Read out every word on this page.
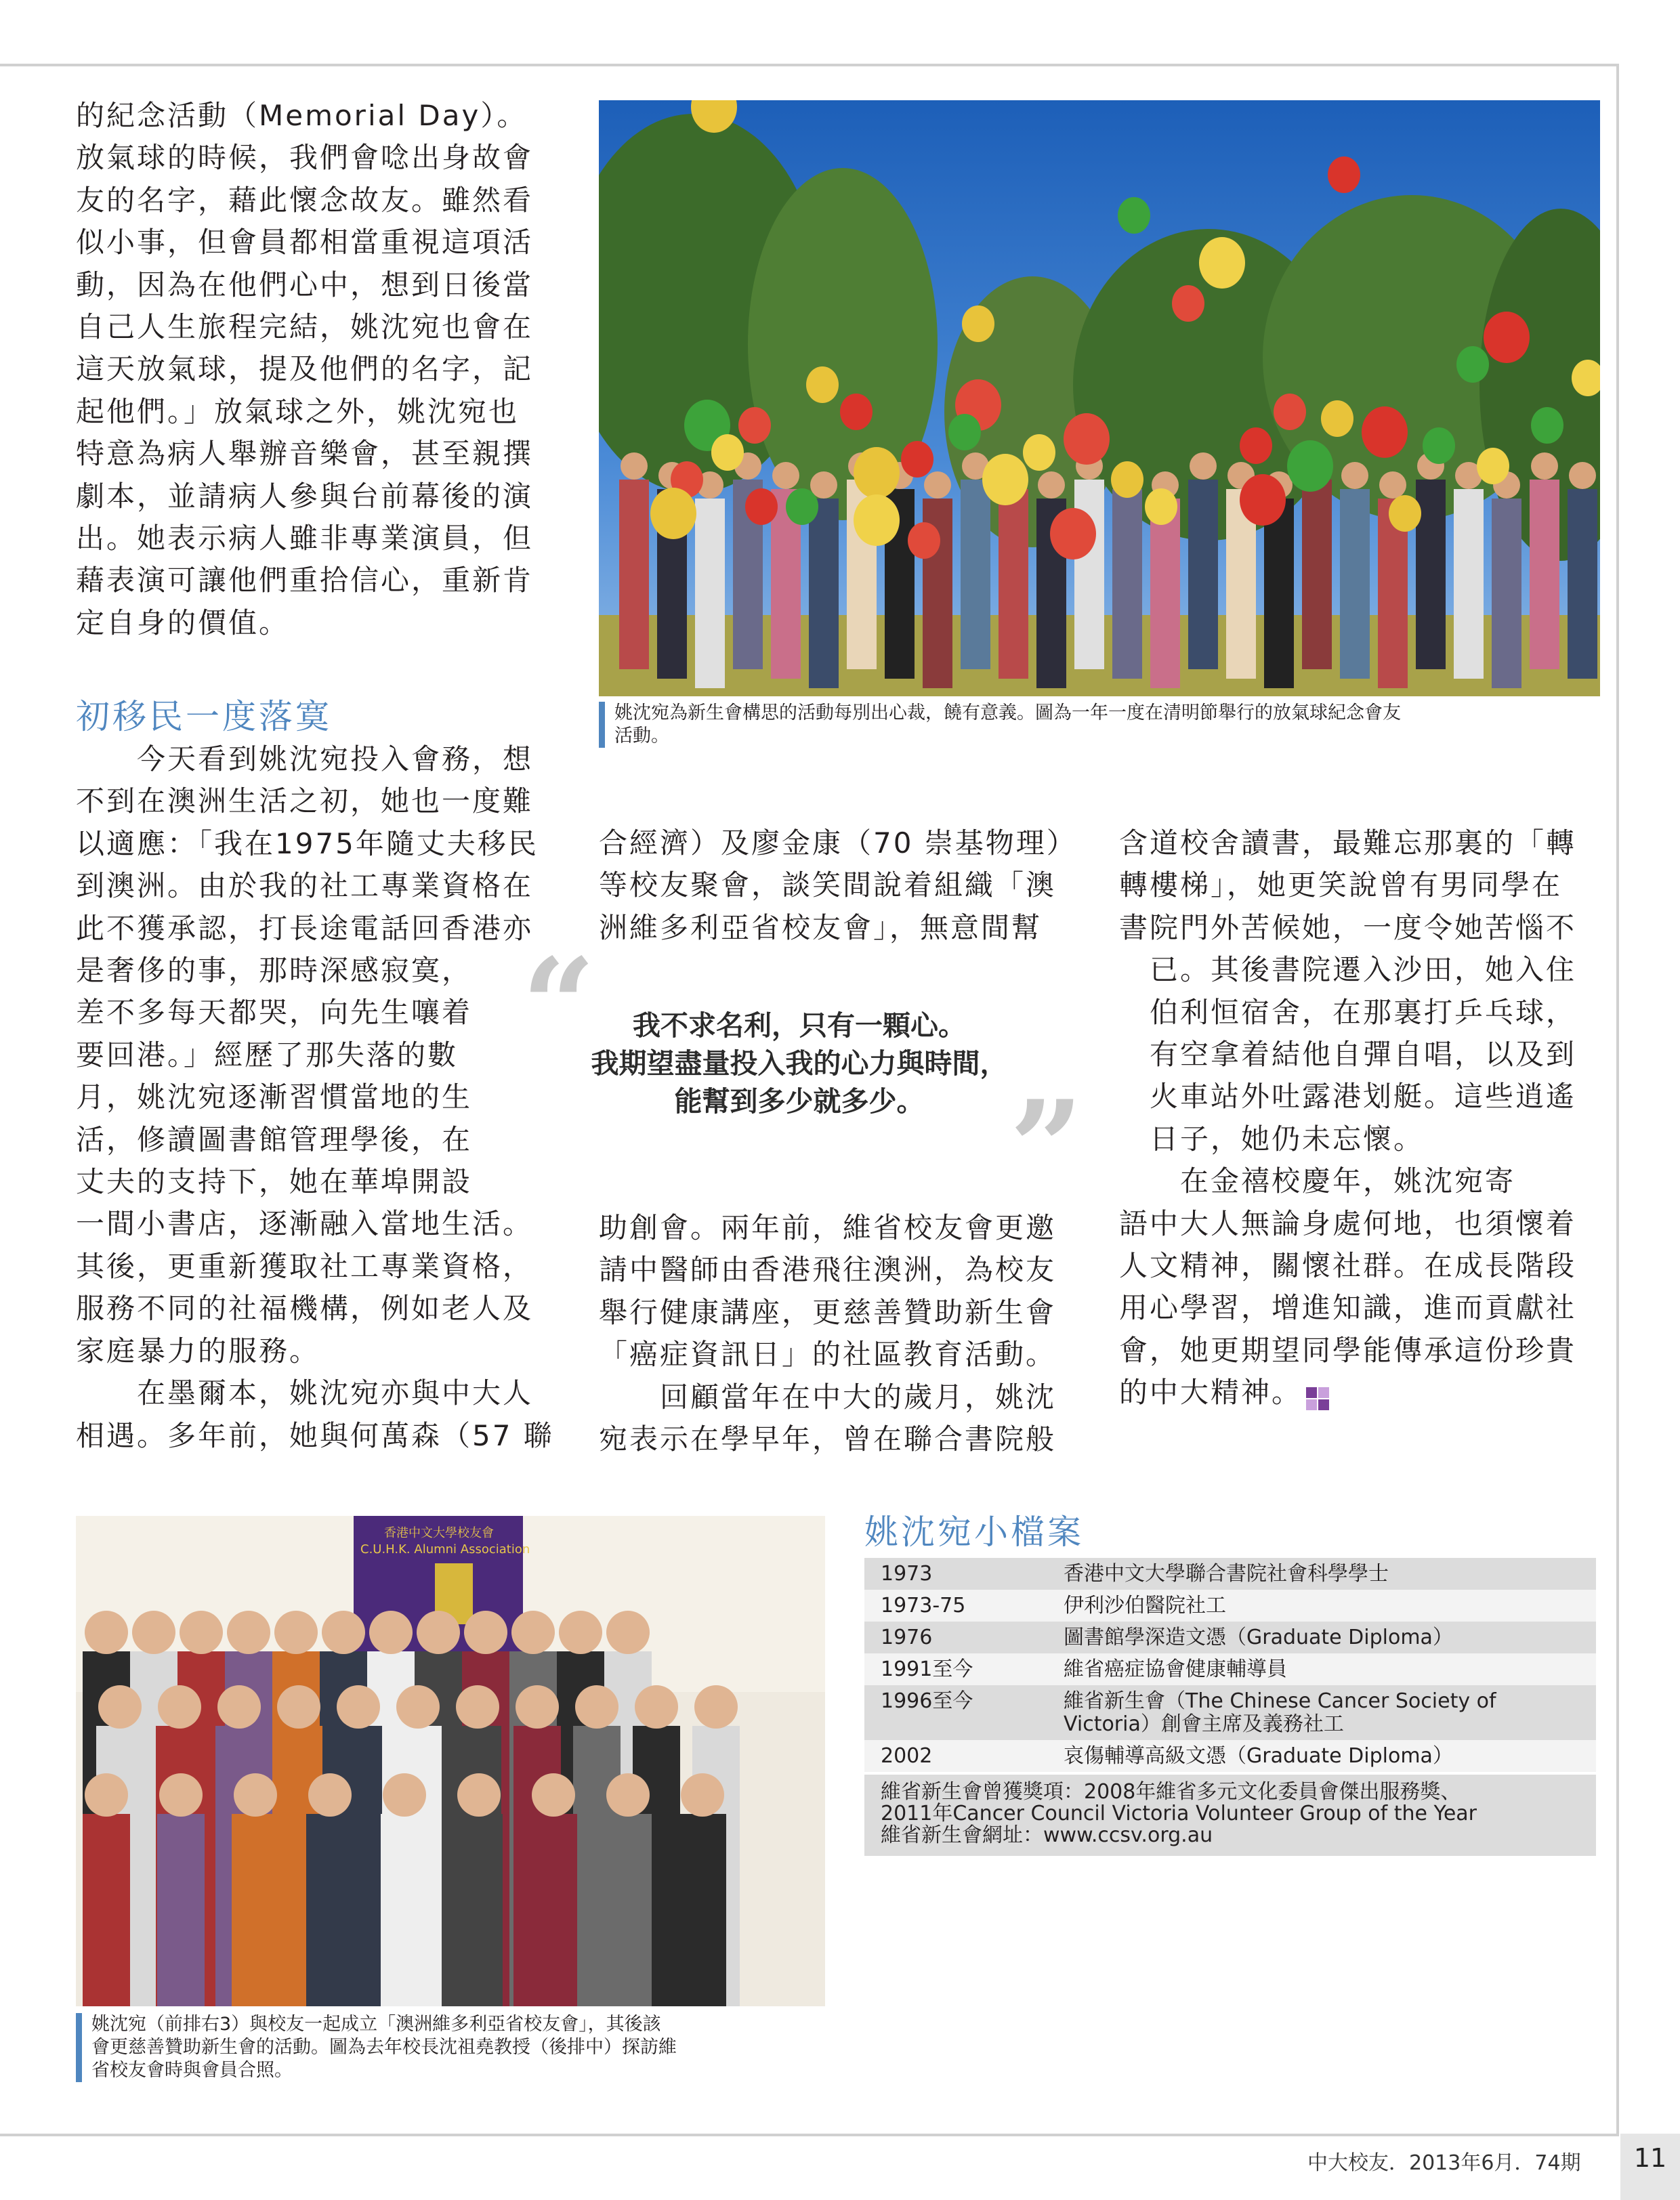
的紀念活動（Memorial Day）。
放氣球的時候，我們會唸出身故會
友的名字，藉此懷念故友。雖然看
似小事，但會員都相當重視這項活
動，因為在他們心中，想到日後當
自己人生旅程完結，姚沈宛也會在
這天放氣球，提及他們的名字，記
起他們。」放氣球之外，姚沈宛也
特意為病人舉辦音樂會，甚至親撰
劇本，並請病人參與台前幕後的演
出。她表示病人雖非專業演員，但
藉表演可讓他們重拾信心，重新肯
定自身的價值。
初移民一度落寞
　　今天看到姚沈宛投入會務，想
不到在澳洲生活之初，她也一度難
以適應：「我在1975年隨丈夫移民
到澳洲。由於我的社工專業資格在
此不獲承認，打長途電話回香港亦
是奢侈的事，那時深感寂寞，
差不多每天都哭，向先生嚷着
要回港。」經歷了那失落的數
月，姚沈宛逐漸習慣當地的生
活，修讀圖書館管理學後，在
丈夫的支持下，她在華埠開設
一間小書店，逐漸融入當地生活。
其後，更重新獲取社工專業資格，
服務不同的社福機構，例如老人及
家庭暴力的服務。
　　在墨爾本，姚沈宛亦與中大人
相遇。多年前，她與何萬森（57 聯
合經濟）及廖金康（70 崇基物理）
等校友聚會，談笑間說着組織「澳
洲維多利亞省校友會」，無意間幫
助創會。兩年前，維省校友會更邀
請中醫師由香港飛往澳洲，為校友
舉行健康講座，更慈善贊助新生會
「癌症資訊日」的社區教育活動。
　　回顧當年在中大的歲月，姚沈
宛表示在學早年，曾在聯合書院般
含道校舍讀書，最難忘那裏的「轉
轉樓梯」，她更笑說曾有男同學在
書院門外苦候她，一度令她苦惱不
　已。其後書院遷入沙田，她入住
　伯利恒宿舍，在那裏打乒乓球，
　有空拿着結他自彈自唱，以及到
　火車站外吐露港划艇。這些逍遙
　日子，她仍未忘懷。
　　在金禧校慶年，姚沈宛寄
語中大人無論身處何地，也須懷着
人文精神，關懷社群。在成長階段
用心學習，增進知識，進而貢獻社
會，她更期望同學能傳承這份珍貴
的中大精神。
“	我不求名利，只有一顆心。
我期望盡量投入我的心力與時間，
能幫到多少就多少。 ”
姚沈宛為新生會構思的活動每別出心裁，饒有意義。圖為一年一度在清明節舉行的放氣球紀念會友
活動。
香港中文大學校友會
C.U.H.K. Alumni Association
姚沈宛（前排右3）與校友一起成立「澳洲維多利亞省校友會」，其後該
會更慈善贊助新生會的活動。圖為去年校長沈祖堯教授（後排中）探訪維
省校友會時與會員合照。
姚沈宛小檔案
1973	香港中文大學聯合書院社會科學學士
1973-75	伊利沙伯醫院社工
1976	圖書館學深造文憑（Graduate Diploma）
1991至今	維省癌症協會健康輔導員
1996至今	維省新生會（The Chinese Cancer Society of
Victoria）創會主席及義務社工
2002	哀傷輔導高級文憑（Graduate Diploma）
維省新生會曾獲獎項：2008年維省多元文化委員會傑出服務獎、
2011年Cancer Council Victoria Volunteer Group of the Year
維省新生會網址：www.ccsv.org.au
中大校友．2013年6月．74期	11
